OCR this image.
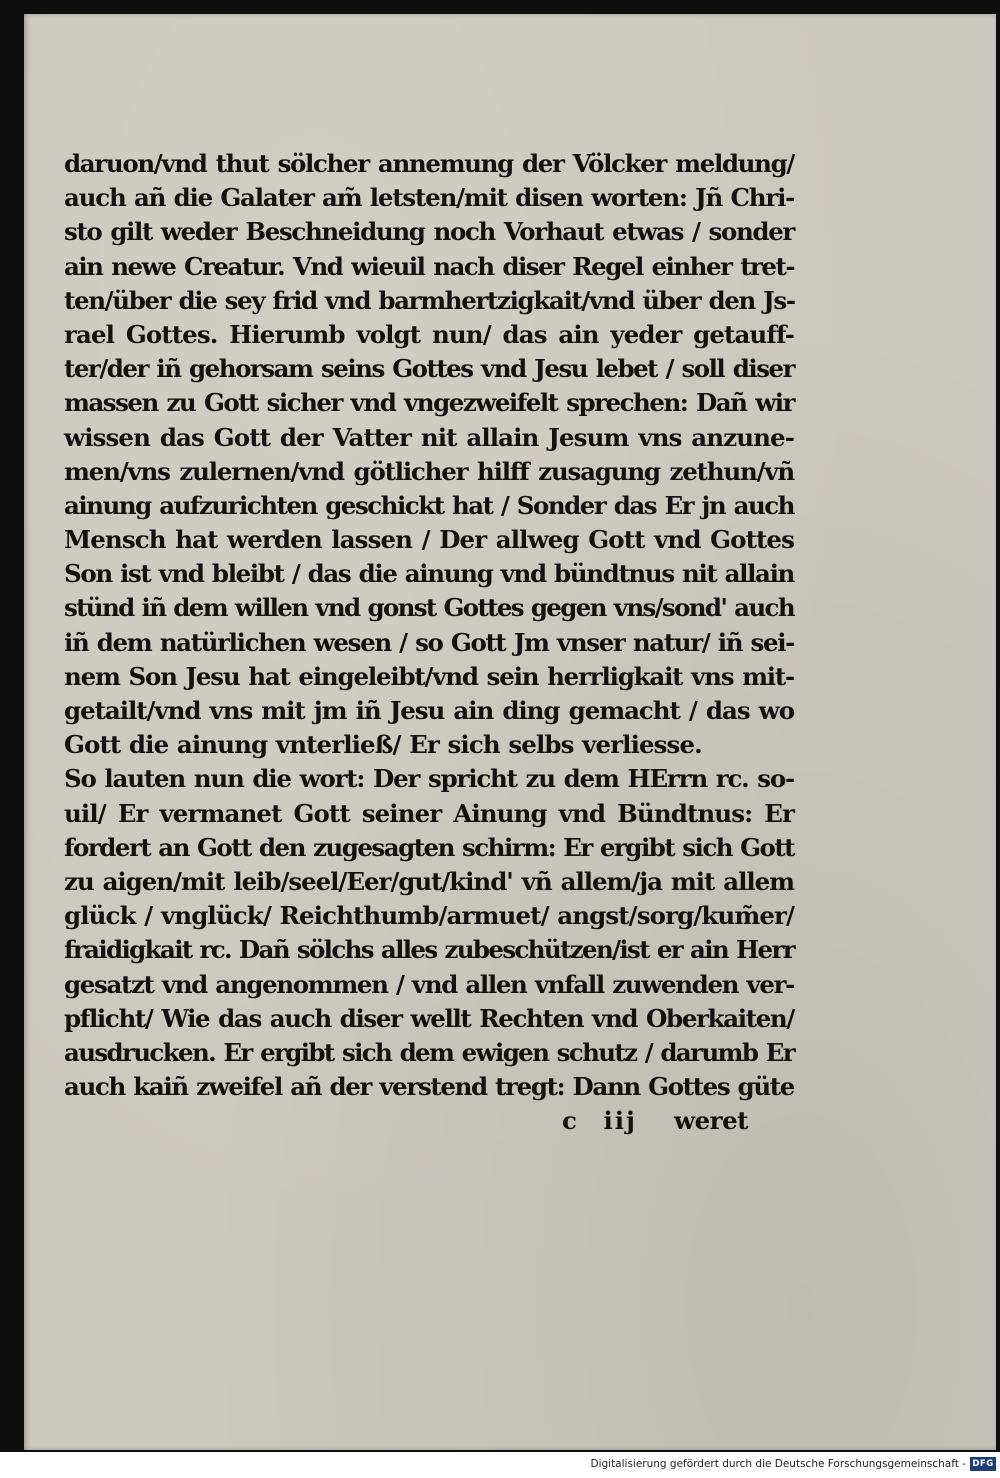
daruon/vnd thut sölcher annemung der Völcker meldung/
auch añ die Galater am̃ letsten/mit disen worten: Jñ Chri-
sto gilt weder Beschneidung noch Vorhaut etwas / sonder
ain newe Creatur. Vnd wieuil nach diser Regel einher tret-
ten/über die sey frid vnd barmhertzigkait/vnd über den Js-
rael Gottes. Hierumb volgt nun/ das ain yeder getauff-
ter/der iñ gehorsam seins Gottes vnd Jesu lebet / soll diser
massen zu Gott sicher vnd vngezweifelt sprechen: Dañ wir
wissen das Gott der Vatter nit allain Jesum vns anzune-
men/vns zulernen/vnd götlicher hilff zusagung zethun/vñ
ainung aufzurichten geschickt hat / Sonder das Er jn auch
Mensch hat werden lassen / Der allweg Gott vnd Gottes
Son ist vnd bleibt / das die ainung vnd bündtnus nit allain
stünd iñ dem willen vnd gonst Gottes gegen vns/sond' auch
iñ dem natürlichen wesen / so Gott Jm vnser natur/ iñ sei-
nem Son Jesu hat eingeleibt/vnd sein herrligkait vns mit-
getailt/vnd vns mit jm iñ Jesu ain ding gemacht / das wo
Gott die ainung vnterließ/ Er sich selbs verliesse.
So lauten nun die wort: Der spricht zu dem HErrn rc. so-
uil/ Er vermanet Gott seiner Ainung vnd Bündtnus: Er
fordert an Gott den zugesagten schirm: Er ergibt sich Gott
zu aigen/mit leib/seel/Eer/gut/kind' vñ allem/ja mit allem
glück / vnglück/ Reichthumb/armuet/ angst/sorg/kum̃er/
fraidigkait rc. Dañ sölchs alles zubeschützen/ist er ain Herr
gesatzt vnd angenommen / vnd allen vnfall zuwenden ver-
pflicht/ Wie das auch diser wellt Rechten vnd Oberkaiten/
ausdrucken. Er ergibt sich dem ewigen schutz / darumb Er
auch kaiñ zweifel añ der verstend tregt: Dann Gottes güte
c iij weret
Digitalisierung gefördert durch die Deutsche Forschungsgemeinschaft - DFG
